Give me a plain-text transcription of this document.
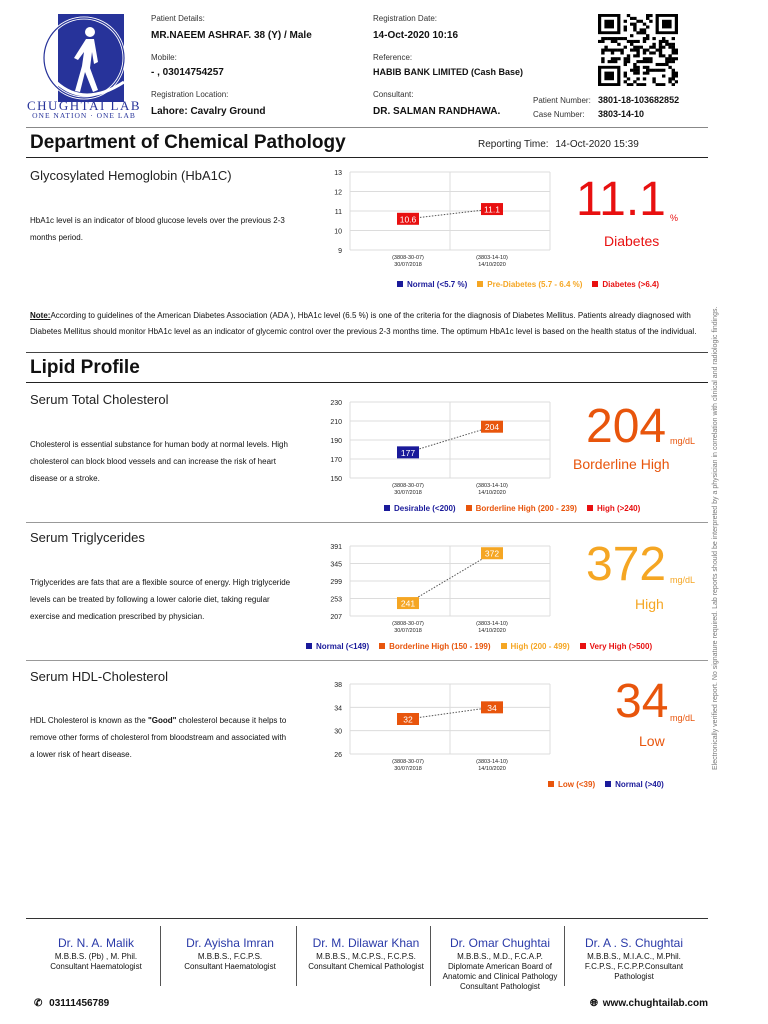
CHUGHTAI LAB
ONE NATION · ONE LAB
Patient Details:
MR.NAEEM ASHRAF. 38 (Y) / Male
Mobile:
- , 03014754257
Registration Location:
Lahore: Cavalry Ground
Registration Date:
14-Oct-2020 10:16
Reference:
HABIB BANK LIMITED (Cash Base)
Consultant:
DR. SALMAN RANDHAWA.
Patient Number: 3801-18-103682852
Case Number: 3803-14-10
Department of Chemical Pathology	Reporting Time: 14-Oct-2020 15:39
Glycosylated Hemoglobin (HbA1C)
HbA1c level is an indicator of blood glucose levels over the previous 2-3 months period.
9
10
11
12
13
10.6
11.1
(3808-30-07)
30/07/2018
(3803-14-10)
14/10/2020
Normal (<5.7 %)	Pre-Diabetes (5.7 - 6.4 %)	Diabetes (>6.4)
11.1 %
Diabetes
Note:According to guidelines of the American Diabetes Association (ADA ), HbA1c level (6.5 %) is one of the criteria for the diagnosis of Diabetes Mellitus. Patients already diagnosed with Diabetes Mellitus should monitor HbA1c level as an indicator of glycemic control over the previous 2-3 months time. The optimum HbA1c level is based on the health status of the individual.
Lipid Profile
Serum Total Cholesterol
Cholesterol is essential substance for human body at normal levels. High cholesterol can block blood vessels and can increase the risk of heart disease or a stroke.	150
170
190
210
230
177
204
(3808-30-07)
30/07/2018
(3803-14-10)
14/10/2020
Desirable (<200)	Borderline High (200 - 239)	High (>240)
204 mg/dL
Borderline High
Serum Triglycerides
Triglycerides are fats that are a flexible source of energy. High triglyceride levels can be treated by following a lower calorie diet, taking regular exercise and medication prescribed by physician.	207
253
299
345
391
241
372
(3808-30-07)
30/07/2018
(3803-14-10)
14/10/2020
Normal (<149)	Borderline High (150 - 199)	High (200 - 499)	Very High (>500)
372 mg/dL
High
Serum HDL-Cholesterol
HDL Cholesterol is known as the "Good" cholesterol because it helps to remove other forms of cholesterol from bloodstream and associated with a lower risk of heart disease.	26
30
34
38
32
34
(3808-30-07)
30/07/2018
(3803-14-10)
14/10/2020
Low (<39)	Normal (>40)
34 mg/dL
Low	Electronically verified report. No signature required. Lab reports should be interpreted by a physician in correlation with clinical and radiologic findings.
Dr. N. A. Malik
M.B.B.S. (Pb) , M. Phil.
Consultant Haematologist
Dr. Ayisha Imran
M.B.B.S., F.C.P.S.
Consultant Haematologist
Dr. M. Dilawar Khan
M.B.B.S., M.C.P.S., F.C.P.S.
Consultant Chemical Pathologist
Dr. Omar Chughtai
M.B.B.S., M.D., F.C.A.P.
Diplomate American Board of
Anatomic and Clinical Pathology
Consultant Pathologist
Dr. A . S. Chughtai
M.B.B.S., M.I.A.C., M.Phil.
F.C.P.S., F.C.P.P.Consultant
Pathologist
✆ 03111456789	🌐︎ www.chughtailab.com
